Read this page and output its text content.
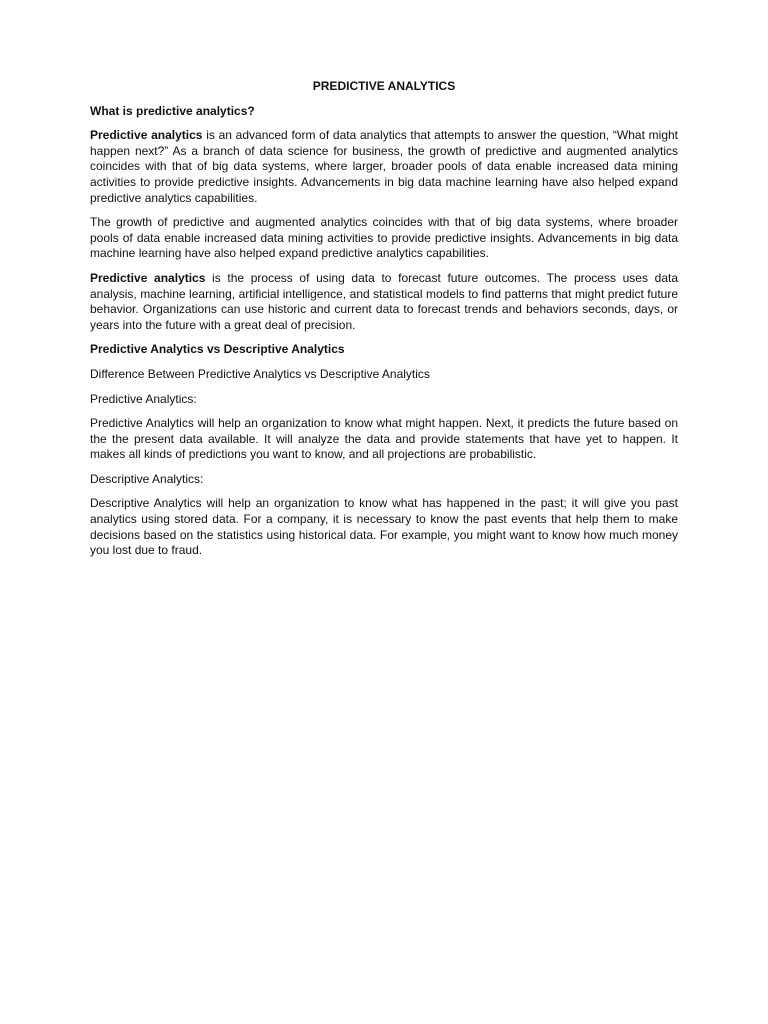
PREDICTIVE ANALYTICS
What is predictive analytics?

Predictive analytics is an advanced form of data analytics that attempts to answer the question, “What might happen next?” As a branch of data science for business, the growth of predictive and augmented analytics coincides with that of big data systems, where larger, broader pools of data enable increased data mining activities to provide predictive insights. Advancements in big data machine learning have also helped expand predictive analytics capabilities.

The growth of predictive and augmented analytics coincides with that of big data systems, where broader pools of data enable increased data mining activities to provide predictive insights. Advancements in big data machine learning have also helped expand predictive analytics capabilities.

Predictive analytics is the process of using data to forecast future outcomes. The process uses data analysis, machine learning, artificial intelligence, and statistical models to find patterns that might predict future behavior. Organizations can use historic and current data to forecast trends and behaviors seconds, days, or years into the future with a great deal of precision.

Predictive Analytics vs Descriptive Analytics
Difference Between Predictive Analytics vs Descriptive Analytics
Predictive Analytics:

Predictive Analytics will help an organization to know what might happen. Next, it predicts the future based on the the present data available. It will analyze the data and provide statements that have yet to happen. It makes all kinds of predictions you want to know, and all projections are probabilistic.

Descriptive Analytics:

Descriptive Analytics will help an organization to know what has happened in the past; it will give you past analytics using stored data. For a company, it is necessary to know the past events that help them to make decisions based on the statistics using historical data. For example, you might want to know how much money you lost due to fraud.
